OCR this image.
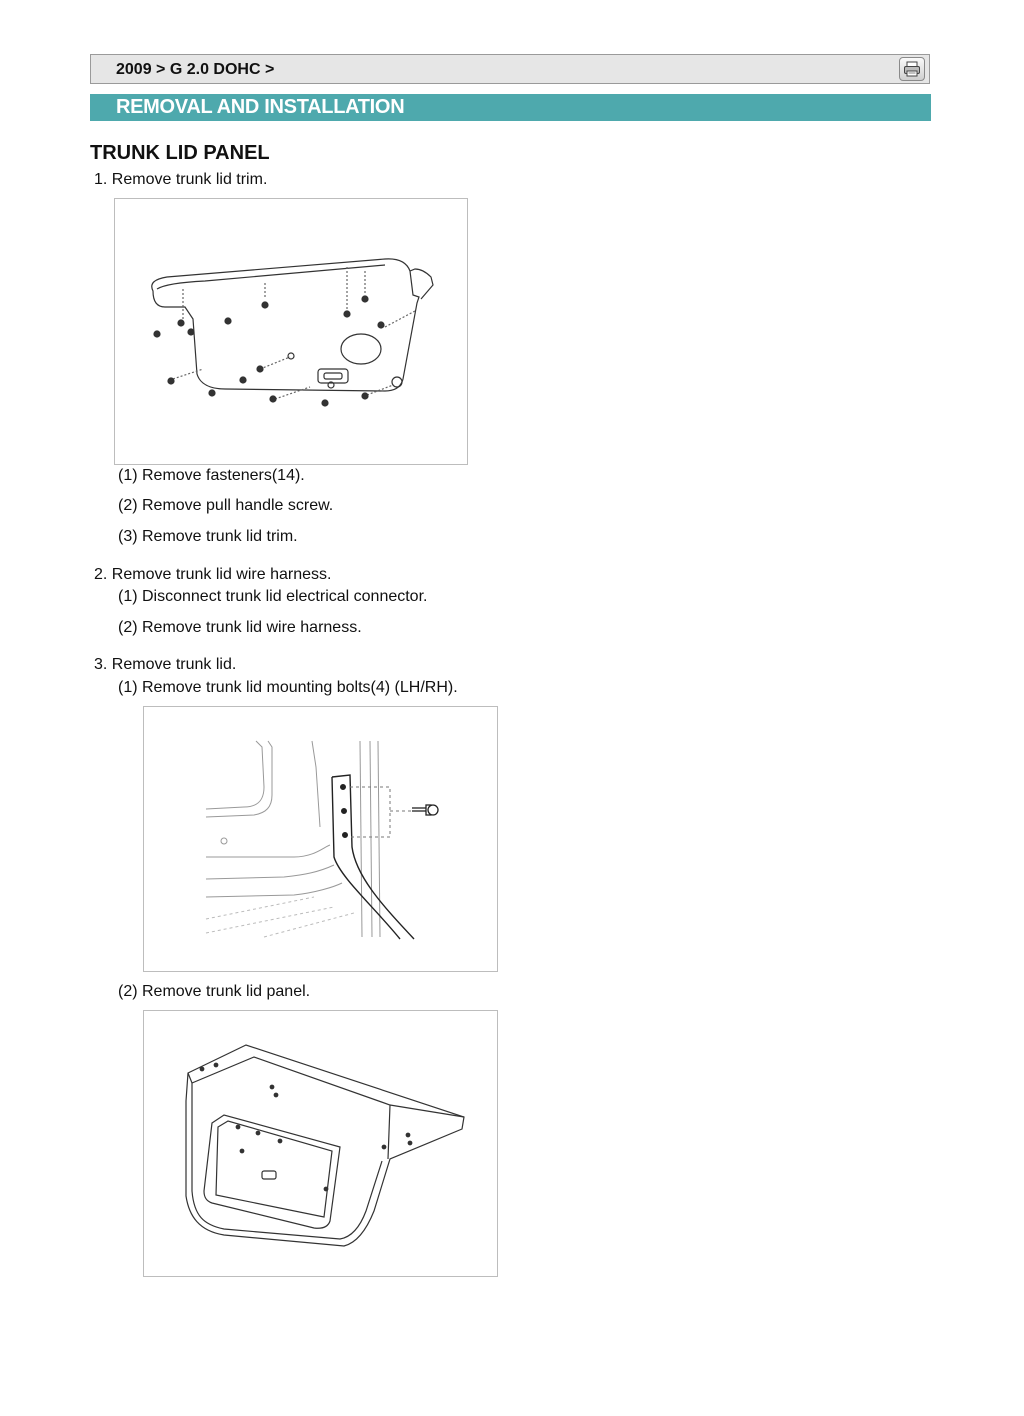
2009 > G 2.0 DOHC >
REMOVAL AND INSTALLATION
TRUNK LID PANEL
1. Remove trunk lid trim.
(1) Remove fasteners(14).
(2) Remove pull handle screw.
(3) Remove trunk lid trim.
2. Remove trunk lid wire harness.
(1) Disconnect trunk lid electrical connector.
(2) Remove trunk lid wire harness.
3. Remove trunk lid.
(1) Remove trunk lid mounting bolts(4) (LH/RH).
(2) Remove trunk lid panel.
